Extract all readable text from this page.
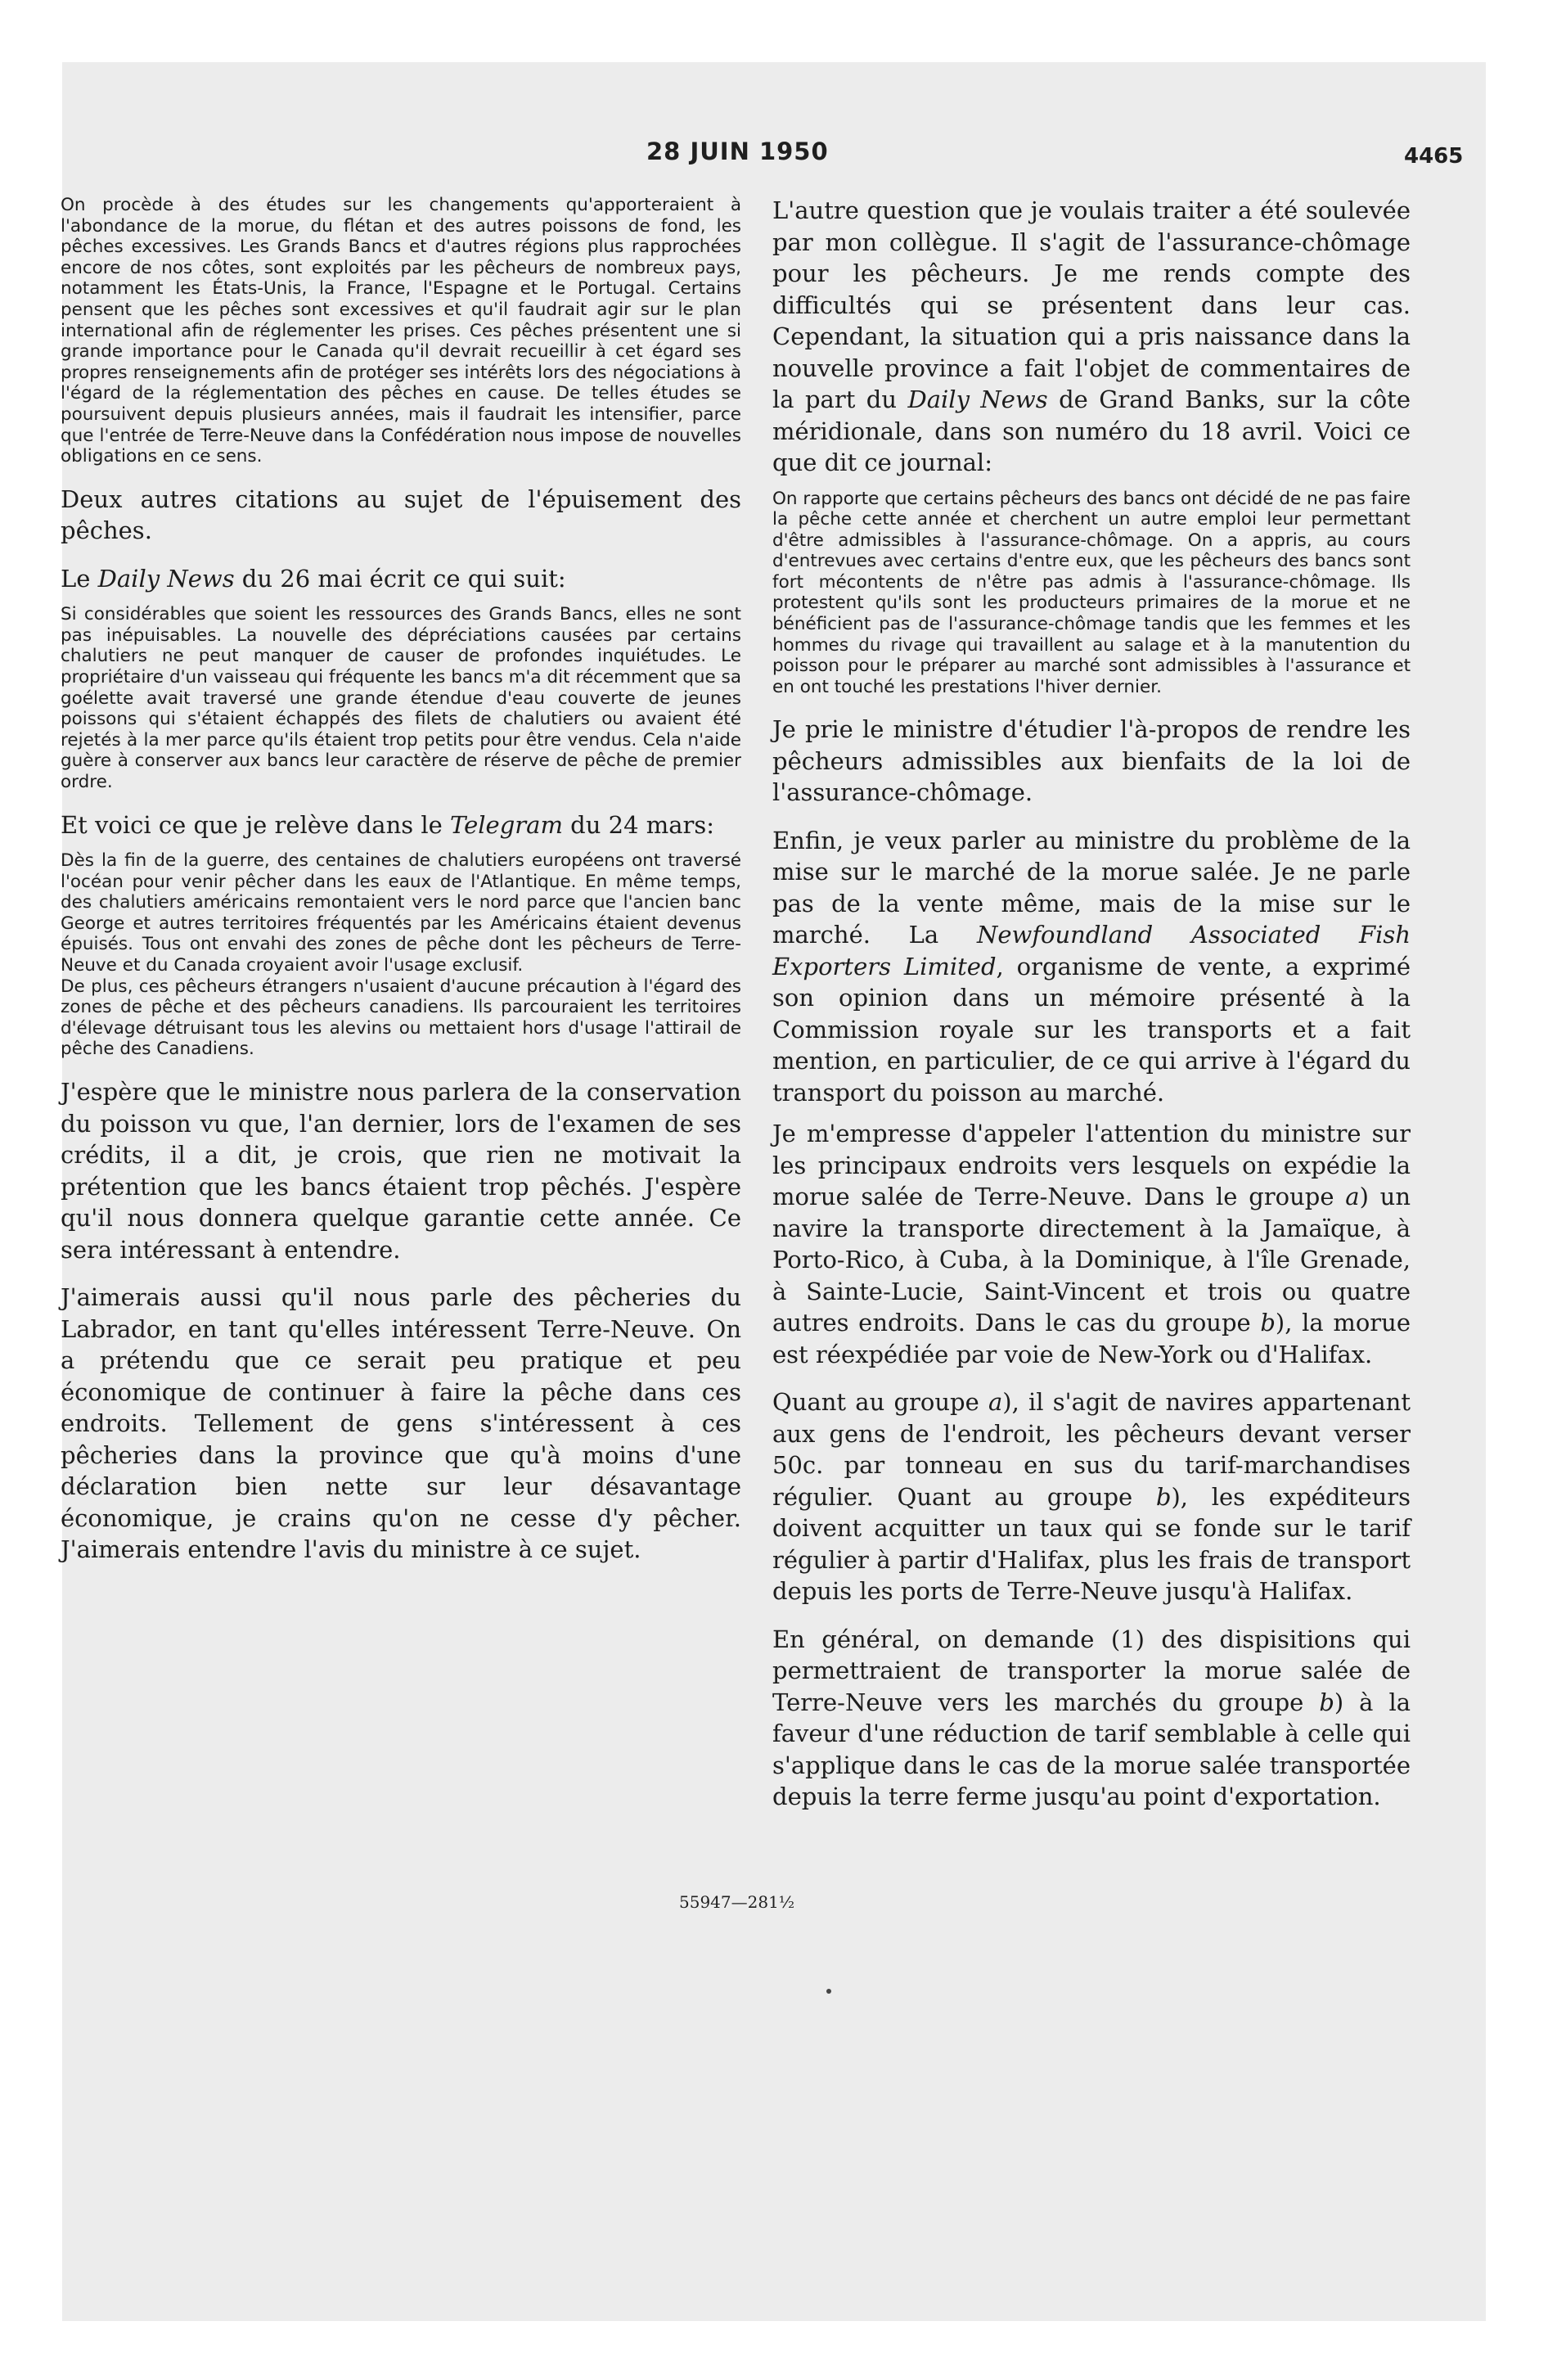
28 JUIN 1950	4465

On procède à des études sur les changements qu'apporteraient à l'abondance de la morue, du flétan et des autres poissons de fond, les pêches excessives. Les Grands Bancs et d'autres régions plus rapprochées encore de nos côtes, sont exploités par les pêcheurs de nombreux pays, notamment les États-Unis, la France, l'Espagne et le Portugal. Certains pensent que les pêches sont excessives et qu'il faudrait agir sur le plan international afin de réglementer les prises. Ces pêches présentent une si grande importance pour le Canada qu'il devrait recueillir à cet égard ses propres renseignements afin de protéger ses intérêts lors des négociations à l'égard de la réglementation des pêches en cause. De telles études se poursuivent depuis plusieurs années, mais il faudrait les intensifier, parce que l'entrée de Terre-Neuve dans la Confédération nous impose de nouvelles obligations en ce sens.

Deux autres citations au sujet de l'épuisement des pêches.

Le Daily News du 26 mai écrit ce qui suit:

Si considérables que soient les ressources des Grands Bancs, elles ne sont pas inépuisables. La nouvelle des dépréciations causées par certains chalutiers ne peut manquer de causer de profondes inquiétudes. Le propriétaire d'un vaisseau qui fréquente les bancs m'a dit récemment que sa goélette avait traversé une grande étendue d'eau couverte de jeunes poissons qui s'étaient échappés des filets de chalutiers ou avaient été rejetés à la mer parce qu'ils étaient trop petits pour être vendus. Cela n'aide guère à conserver aux bancs leur caractère de réserve de pêche de premier ordre.

Et voici ce que je relève dans le Telegram du 24 mars:

Dès la fin de la guerre, des centaines de chalutiers européens ont traversé l'océan pour venir pêcher dans les eaux de l'Atlantique. En même temps, des chalutiers américains remontaient vers le nord parce que l'ancien banc George et autres territoires fréquentés par les Américains étaient devenus épuisés. Tous ont envahi des zones de pêche dont les pêcheurs de Terre-Neuve et du Canada croyaient avoir l'usage exclusif.

De plus, ces pêcheurs étrangers n'usaient d'aucune précaution à l'égard des zones de pêche et des pêcheurs canadiens. Ils parcouraient les territoires d'élevage détruisant tous les alevins ou mettaient hors d'usage l'attirail de pêche des Canadiens.

J'espère que le ministre nous parlera de la conservation du poisson vu que, l'an dernier, lors de l'examen de ses crédits, il a dit, je crois, que rien ne motivait la prétention que les bancs étaient trop pêchés. J'espère qu'il nous donnera quelque garantie cette année. Ce sera intéressant à entendre.

J'aimerais aussi qu'il nous parle des pêcheries du Labrador, en tant qu'elles intéressent Terre-Neuve. On a prétendu que ce serait peu pratique et peu économique de continuer à faire la pêche dans ces endroits. Tellement de gens s'intéressent à ces pêcheries dans la province que qu'à moins d'une déclaration bien nette sur leur désavantage économique, je crains qu'on ne cesse d'y pêcher. J'aimerais entendre l'avis du ministre à ce sujet.

L'autre question que je voulais traiter a été soulevée par mon collègue. Il s'agit de l'assurance-chômage pour les pêcheurs. Je me rends compte des difficultés qui se présentent dans leur cas. Cependant, la situation qui a pris naissance dans la nouvelle province a fait l'objet de commentaires de la part du Daily News de Grand Banks, sur la côte méridionale, dans son numéro du 18 avril. Voici ce que dit ce journal:

On rapporte que certains pêcheurs des bancs ont décidé de ne pas faire la pêche cette année et cherchent un autre emploi leur permettant d'être admissibles à l'assurance-chômage. On a appris, au cours d'entrevues avec certains d'entre eux, que les pêcheurs des bancs sont fort mécontents de n'être pas admis à l'assurance-chômage. Ils protestent qu'ils sont les producteurs primaires de la morue et ne bénéficient pas de l'assurance-chômage tandis que les femmes et les hommes du rivage qui travaillent au salage et à la manutention du poisson pour le préparer au marché sont admissibles à l'assurance et en ont touché les prestations l'hiver dernier.

Je prie le ministre d'étudier l'à-propos de rendre les pêcheurs admissibles aux bienfaits de la loi de l'assurance-chômage.

Enfin, je veux parler au ministre du problème de la mise sur le marché de la morue salée. Je ne parle pas de la vente même, mais de la mise sur le marché. La Newfoundland Associated Fish Exporters Limited, organisme de vente, a exprimé son opinion dans un mémoire présenté à la Commission royale sur les transports et a fait mention, en particulier, de ce qui arrive à l'égard du transport du poisson au marché.

Je m'empresse d'appeler l'attention du ministre sur les principaux endroits vers lesquels on expédie la morue salée de Terre-Neuve. Dans le groupe a) un navire la transporte directement à la Jamaïque, à Porto-Rico, à Cuba, à la Dominique, à l'île Grenade, à Sainte-Lucie, Saint-Vincent et trois ou quatre autres endroits. Dans le cas du groupe b), la morue est réexpédiée par voie de New-York ou d'Halifax.

Quant au groupe a), il s'agit de navires appartenant aux gens de l'endroit, les pêcheurs devant verser 50c. par tonneau en sus du tarif-marchandises régulier. Quant au groupe b), les expéditeurs doivent acquitter un taux qui se fonde sur le tarif régulier à partir d'Halifax, plus les frais de transport depuis les ports de Terre-Neuve jusqu'à Halifax.

En général, on demande (1) des dispisitions qui permettraient de transporter la morue salée de Terre-Neuve vers les marchés du groupe b) à la faveur d'une réduction de tarif semblable à celle qui s'applique dans le cas de la morue salée transportée depuis la terre ferme jusqu'au point d'exportation.

55947—281½
